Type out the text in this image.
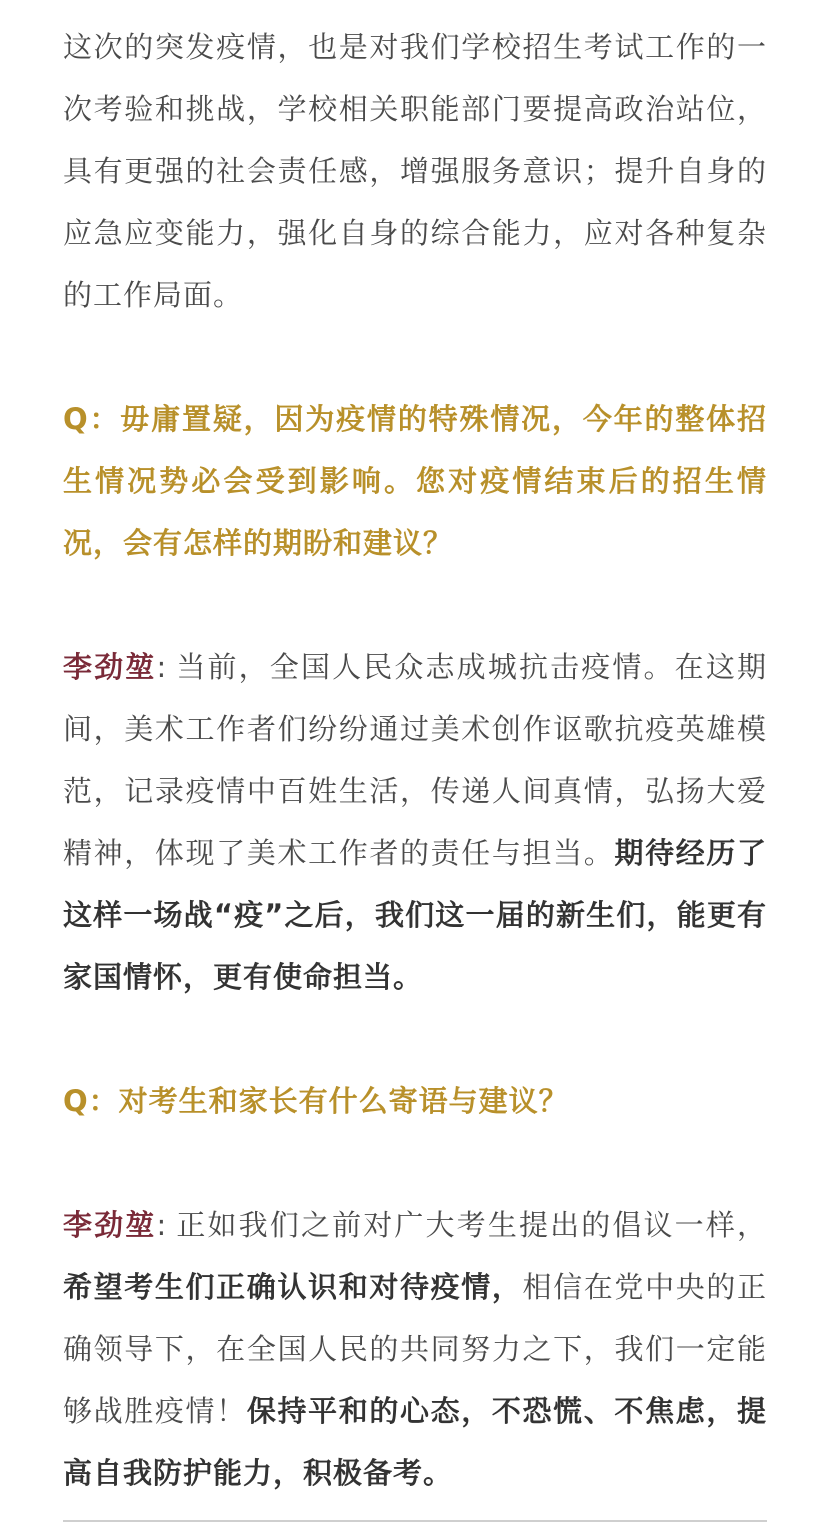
这次的突发疫情，也是对我们学校招生考试工作的一次考验和挑战，学校相关职能部门要提高政治站位，具有更强的社会责任感，增强服务意识；提升自身的应急应变能力，强化自身的综合能力，应对各种复杂的工作局面。

Q：毋庸置疑，因为疫情的特殊情况，今年的整体招生情况势必会受到影响。您对疫情结束后的招生情况，会有怎样的期盼和建议？

李劲堃: 当前，全国人民众志成城抗击疫情。在这期间，美术工作者们纷纷通过美术创作讴歌抗疫英雄模范，记录疫情中百姓生活，传递人间真情，弘扬大爱精神，体现了美术工作者的责任与担当。期待经历了这样一场战“疫”之后，我们这一届的新生们，能更有家国情怀，更有使命担当。

Q：对考生和家长有什么寄语与建议？

李劲堃: 正如我们之前对广大考生提出的倡议一样，希望考生们正确认识和对待疫情，相信在党中央的正确领导下，在全国人民的共同努力之下，我们一定能够战胜疫情！保持平和的心态，不恐慌、不焦虑，提高自我防护能力，积极备考。
